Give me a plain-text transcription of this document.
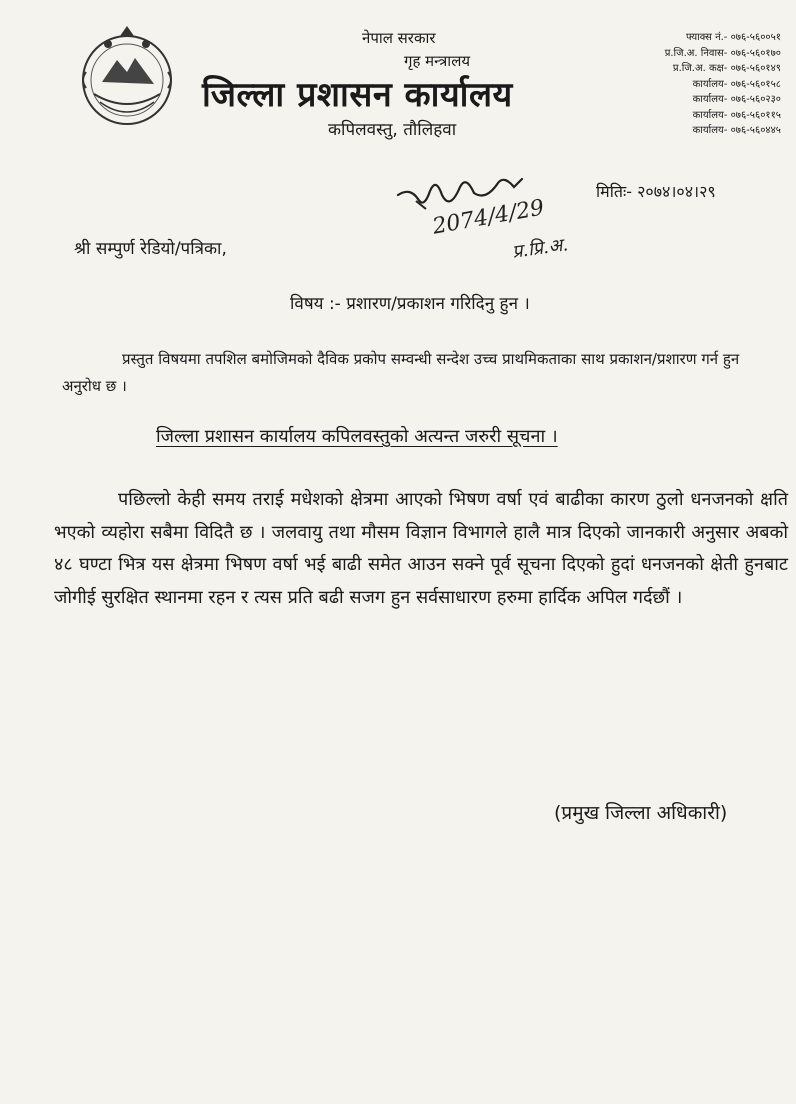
नेपाल सरकार
गृह मन्त्रालय
जिल्ला प्रशासन कार्यालय
कपिलवस्तु, तौलिहवा
फ्याक्स नं.- ०७६-५६००५१
प्र.जि.अ. निवास- ०७६-५६०१७०
प्र.जि.अ. कक्ष- ०७६-५६०१४९
कार्यालय- ०७६-५६०१५८
कार्यालय- ०७६-५६०२३०
कार्यालय- ०७६-५६०११५
कार्यालय- ०७६-५६०४४५
मितिः- २०७४।०४।२९
2074/4/29
प्र.प्रि.अ.
श्री सम्पुर्ण रेडियो/पत्रिका,
विषय :- प्रशारण/प्रकाशन गरिदिनु हुन ।
प्रस्तुत विषयमा तपशिल बमोजिमको दैविक प्रकोप सम्वन्धी सन्देश उच्च प्राथमिकताका साथ प्रकाशन/प्रशारण गर्न हुन अनुरोध छ ।
जिल्ला प्रशासन कार्यालय कपिलवस्तुको अत्यन्त जरुरी सूचना ।
पछिल्लो केही समय तराई मधेशको क्षेत्रमा आएको भिषण वर्षा एवं बाढीका कारण ठुलो धनजनको क्षति भएको व्यहोरा सबैमा विदितै छ । जलवायु तथा मौसम विज्ञान विभागले हालै मात्र दिएको जानकारी अनुसार अबको ४८ घण्टा भित्र यस क्षेत्रमा भिषण वर्षा भई बाढी समेत आउन सक्ने पूर्व सूचना दिएको हुदां धनजनको क्षेती हुनबाट जोगीई सुरक्षित स्थानमा रहन र त्यस प्रति बढी सजग हुन सर्वसाधारण हरुमा हार्दिक अपिल गर्दछौं ।
(प्रमुख जिल्ला अधिकारी)
